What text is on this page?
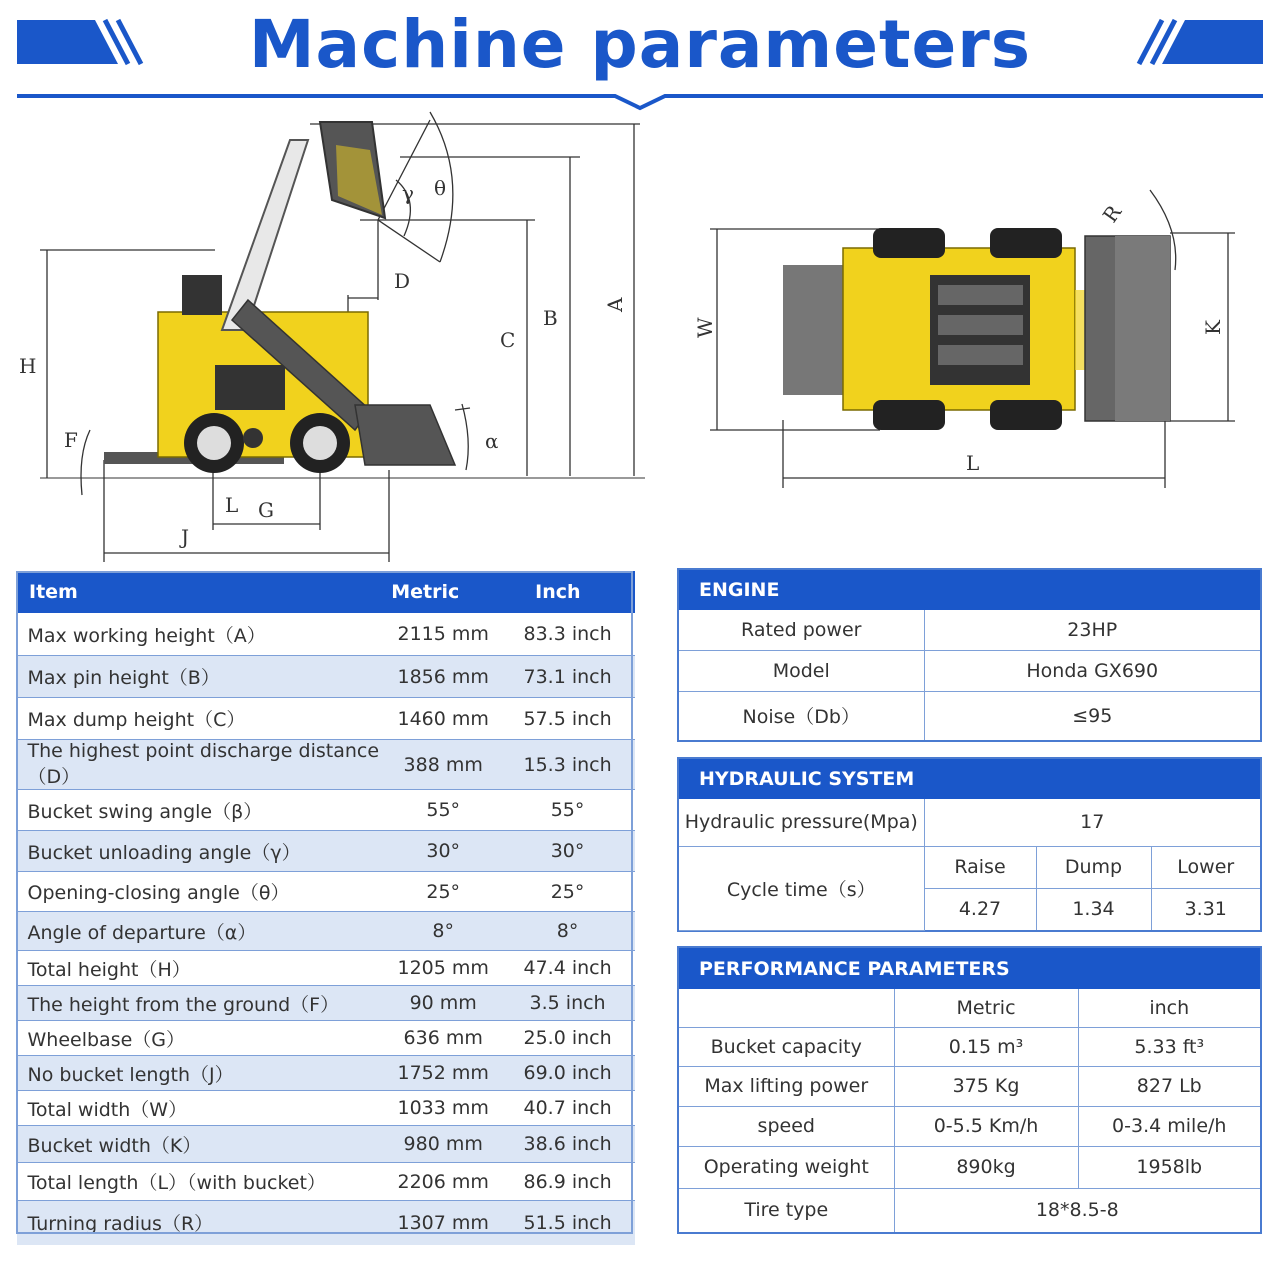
Machine parameters
A
B
C
D
H
F
L G
J
γ θ
α
W	K
R
L
Item	Metric	Inch
Max working height（A）	2115 mm	83.3 inch
Max pin height（B）	1856 mm	73.1 inch
Max dump height（C）	1460 mm	57.5 inch
The highest point discharge distance（D）	388 mm	15.3 inch
Bucket swing angle（β）	55°	55°
Bucket unloading angle（γ）	30°	30°
Opening-closing angle（θ）	25°	25°
Angle of departure（α）	8°	8°
Total height（H）	1205 mm	47.4 inch
The height from the ground（F）	90 mm	3.5 inch
Wheelbase（G）	636 mm	25.0 inch
No bucket length（J）	1752 mm	69.0 inch
Total width（W）	1033 mm	40.7 inch
Bucket width（K）	980 mm	38.6 inch
Total length（L）（with bucket）	2206 mm	86.9 inch
Turning radius（R）	1307 mm	51.5 inch
ENGINE
Rated power	23HP
Model	Honda GX690
Noise（Db）	≤95
HYDRAULIC SYSTEM
Hydraulic pressure(Mpa)	17		
Cycle time（s）	Raise	Dump	Lower
	4.27	1.34	3.31
PERFORMANCE PARAMETERS
	Metric	inch
Bucket capacity	0.15 m³	5.33 ft³
Max lifting power	375 Kg	827 Lb
speed	0-5.5 Km/h	0-3.4 mile/h
Operating weight	890kg	1958lb
Tire type	18*8.5-8	
